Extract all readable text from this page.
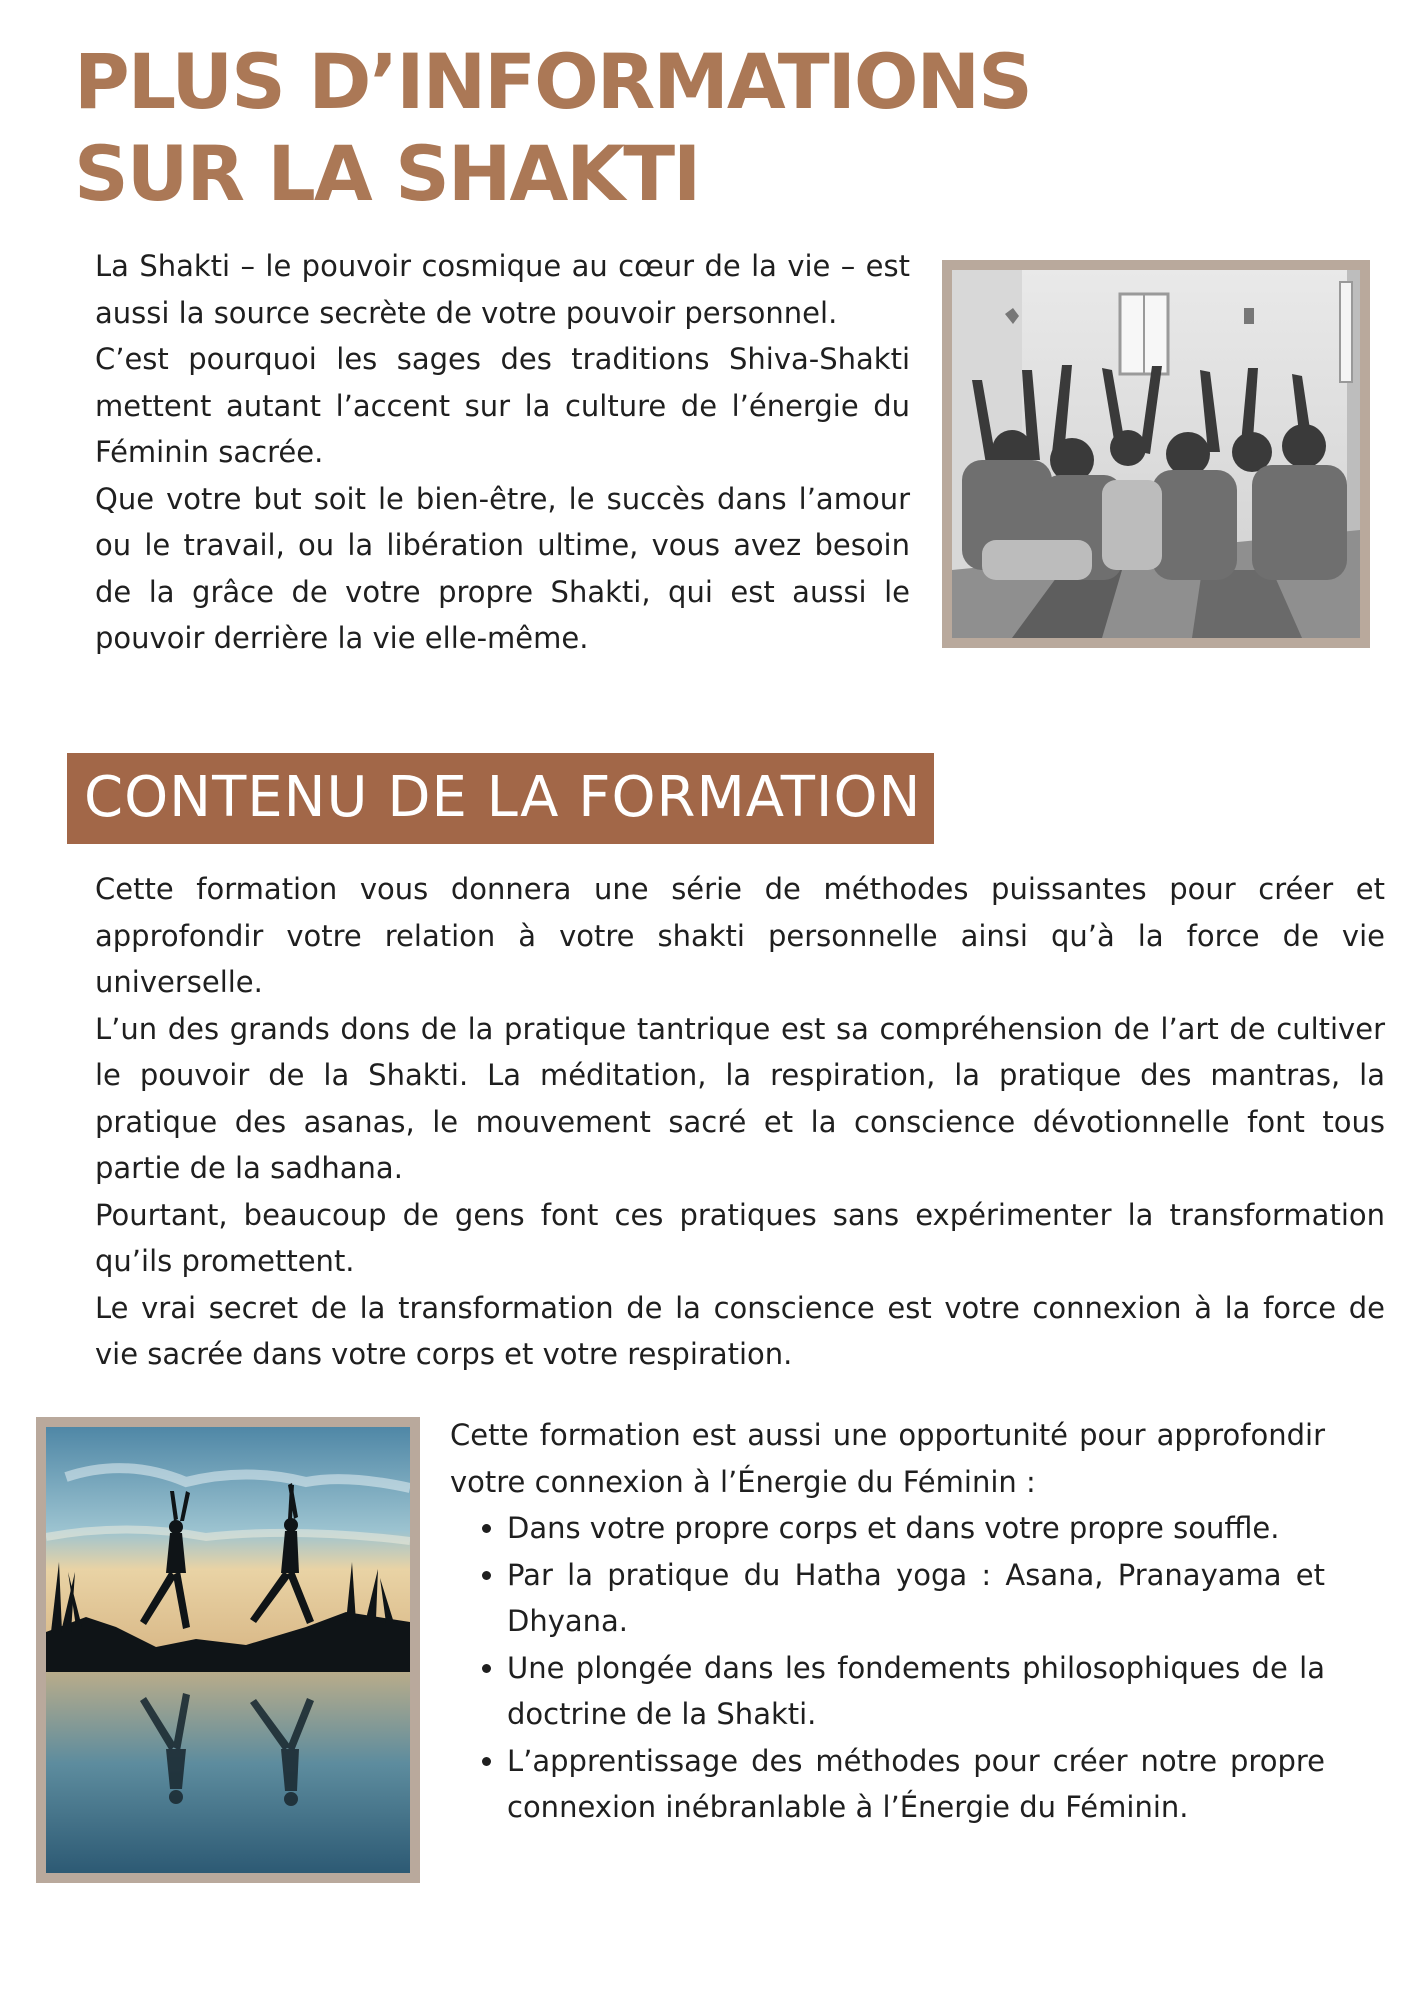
PLUS D’INFORMATIONS
SUR LA SHAKTI

La Shakti – le pouvoir cosmique au cœur de la vie – est aussi la source secrète de votre pouvoir personnel.

C’est pourquoi les sages des traditions Shiva-Shakti mettent autant l’accent sur la culture de l’énergie du Féminin sacrée.

Que votre but soit le bien-être, le succès dans l’amour ou le travail, ou la libération ultime, vous avez besoin de la grâce de votre propre Shakti, qui est aussi le pouvoir derrière la vie elle-même.

CONTENU DE LA FORMATION

Cette formation vous donnera une série de méthodes puissantes pour créer et approfondir votre relation à votre shakti personnelle ainsi qu’à la force de vie universelle.

L’un des grands dons de la pratique tantrique est sa compréhension de l’art de cultiver le pouvoir de la Shakti. La méditation, la respiration, la pratique des mantras, la pratique des asanas, le mouvement sacré et la conscience dévotionnelle font tous partie de la sadhana.

Pourtant, beaucoup de gens font ces pratiques sans expérimenter la transformation qu’ils promettent.

Le vrai secret de la transformation de la conscience est votre connexion à la force de vie sacrée dans votre corps et votre respiration.

Cette formation est aussi une opportunité pour approfondir votre connexion à l’Énergie du Féminin :

• Dans votre propre corps et dans votre propre souffle.
• Par la pratique du Hatha yoga : Asana, Pranayama et Dhyana.
• Une plongée dans les fondements philosophiques de la doctrine de la Shakti.
• L’apprentissage des méthodes pour créer notre propre connexion inébranlable à l’Énergie du Féminin.
